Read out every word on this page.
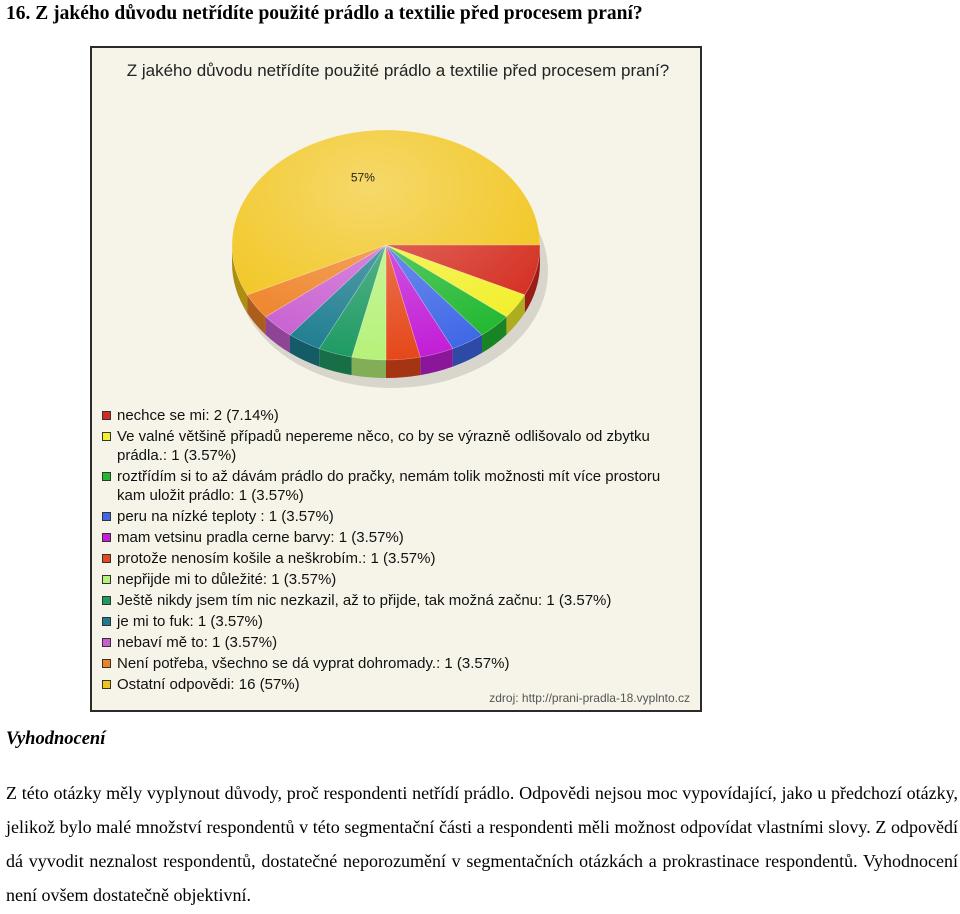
16. Z jakého důvodu netřídíte použité prádlo a textilie před procesem praní?
Z jakého důvodu netřídíte použité prádlo a textilie před procesem praní?
57%
nechce se mi: 2 (7.14%)
Ve valné většině případů nepereme něco, co by se výrazně odlišovalo od zbytku prádla.: 1 (3.57%)
roztřídím si to až dávám prádlo do pračky, nemám tolik možnosti mít více prostoru kam uložit prádlo: 1 (3.57%)
peru na nízké teploty : 1 (3.57%)
mam vetsinu pradla cerne barvy: 1 (3.57%)
protože nenosím košile a neškrobím.: 1 (3.57%)
nepřijde mi to důležité: 1 (3.57%)
Ještě nikdy jsem tím nic nezkazil, až to přijde, tak možná začnu: 1 (3.57%)
je mi to fuk: 1 (3.57%)
nebaví mě to: 1 (3.57%)
Není potřeba, všechno se dá vyprat dohromady.: 1 (3.57%)
Ostatní odpovědi: 16 (57%)
zdroj: http://prani-pradla-18.vyplnto.cz
Vyhodnocení

Z této otázky měly vyplynout důvody, proč respondenti netřídí prádlo. Odpovědi nejsou moc vypovídající, jako u předchozí otázky, jelikož bylo malé množství respondentů v této segmentační části a respondenti měli možnost odpovídat vlastními slovy. Z odpovědí dá vyvodit neznalost respondentů, dostatečné neporozumění v segmentačních otázkách a prokrastinace respondentů. Vyhodnocení není ovšem dostatečně objektivní.
